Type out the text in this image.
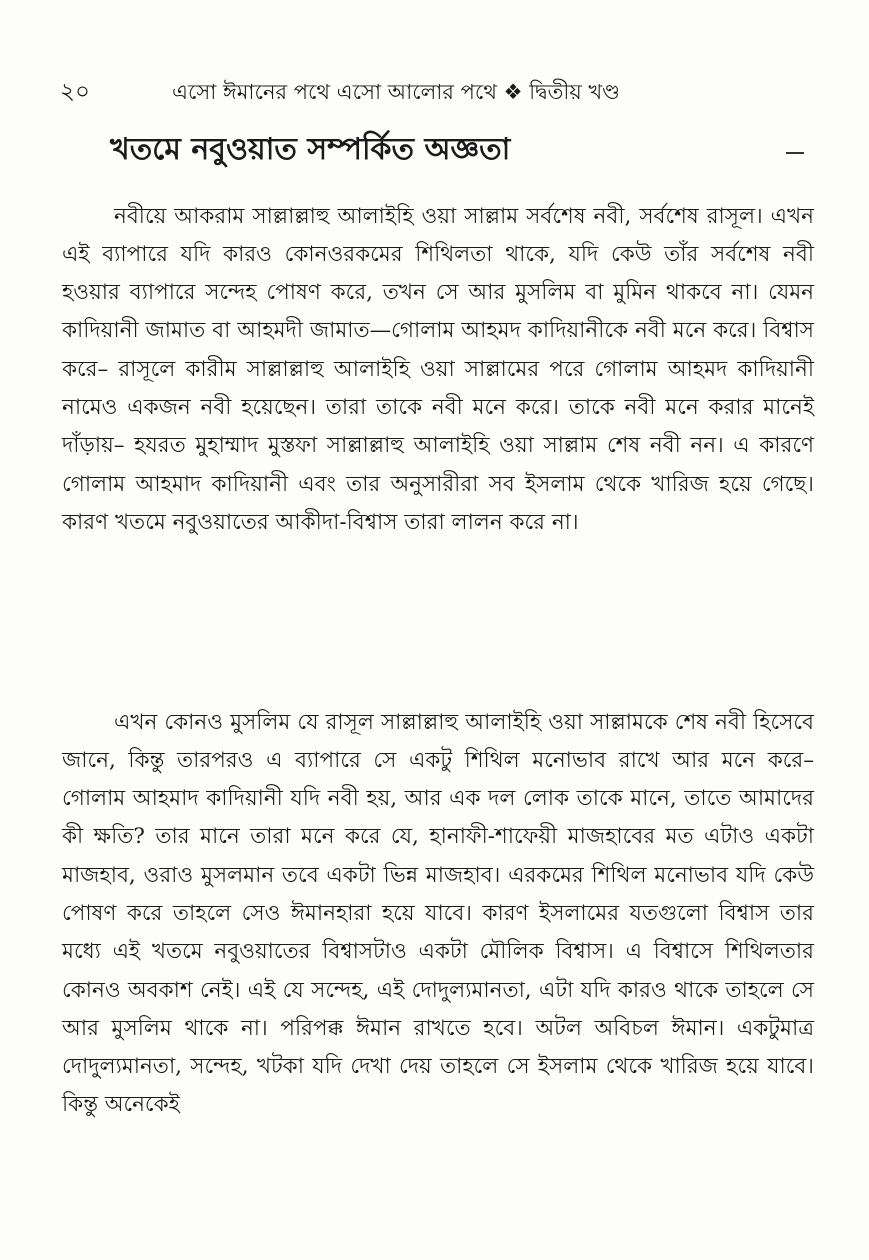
২০	এসো ঈমানের পথে এসো আলোর পথে ❖ দ্বিতীয় খণ্ড
খতমে নবুওয়াত সম্পর্কিত অজ্ঞতা

নবীয়ে আকরাম সাল্লাল্লাহু আলাইহি ওয়া সাল্লাম সর্বশেষ নবী, সর্বশেষ রাসূল। এখন এই ব্যাপারে যদি কারও কোনওরকমের শিথিলতা থাকে, যদি কেউ তাঁর সর্বশেষ নবী হওয়ার ব্যাপারে সন্দেহ পোষণ করে, তখন সে আর মুসলিম বা মুমিন থাকবে না। যেমন কাদিয়ানী জামাত বা আহমদী জামাত—গোলাম আহমদ কাদিয়ানীকে নবী মনে করে। বিশ্বাস করে– রাসূলে কারীম সাল্লাল্লাহু আলাইহি ওয়া সাল্লামের পরে গোলাম আহমদ কাদিয়ানী নামেও একজন নবী হয়েছেন। তারা তাকে নবী মনে করে। তাকে নবী মনে করার মানেই দাঁড়ায়– হযরত মুহাম্মাদ মুস্তফা সাল্লাল্লাহু আলাইহি ওয়া সাল্লাম শেষ নবী নন। এ কারণে গোলাম আহমাদ কাদিয়ানী এবং তার অনুসারীরা সব ইসলাম থেকে খারিজ হয়ে গেছে। কারণ খতমে নবুওয়াতের আকীদা-বিশ্বাস তারা লালন করে না।

এখন কোনও মুসলিম যে রাসূল সাল্লাল্লাহু আলাইহি ওয়া সাল্লামকে শেষ নবী হিসেবে জানে, কিন্তু তারপরও এ ব্যাপারে সে একটু শিথিল মনোভাব রাখে আর মনে করে– গোলাম আহমাদ কাদিয়ানী যদি নবী হয়, আর এক দল লোক তাকে মানে, তাতে আমাদের কী ক্ষতি? তার মানে তারা মনে করে যে, হানাফী-শাফেয়ী মাজহাবের মত এটাও একটা মাজহাব, ওরাও মুসলমান তবে একটা ভিন্ন মাজহাব। এরকমের শিথিল মনোভাব যদি কেউ পোষণ করে তাহলে সেও ঈমানহারা হয়ে যাবে। কারণ ইসলামের যতগুলো বিশ্বাস তার মধ্যে এই খতমে নবুওয়াতের বিশ্বাসটাও একটা মৌলিক বিশ্বাস। এ বিশ্বাসে শিথিলতার কোনও অবকাশ নেই। এই যে সন্দেহ, এই দোদুল্যমানতা, এটা যদি কারও থাকে তাহলে সে আর মুসলিম থাকে না। পরিপক্ক ঈমান রাখতে হবে। অটল অবিচল ঈমান। একটুমাত্র দোদুল্যমানতা, সন্দেহ, খটকা যদি দেখা দেয় তাহলে সে ইসলাম থেকে খারিজ হয়ে যাবে। কিন্তু অনেকেই
